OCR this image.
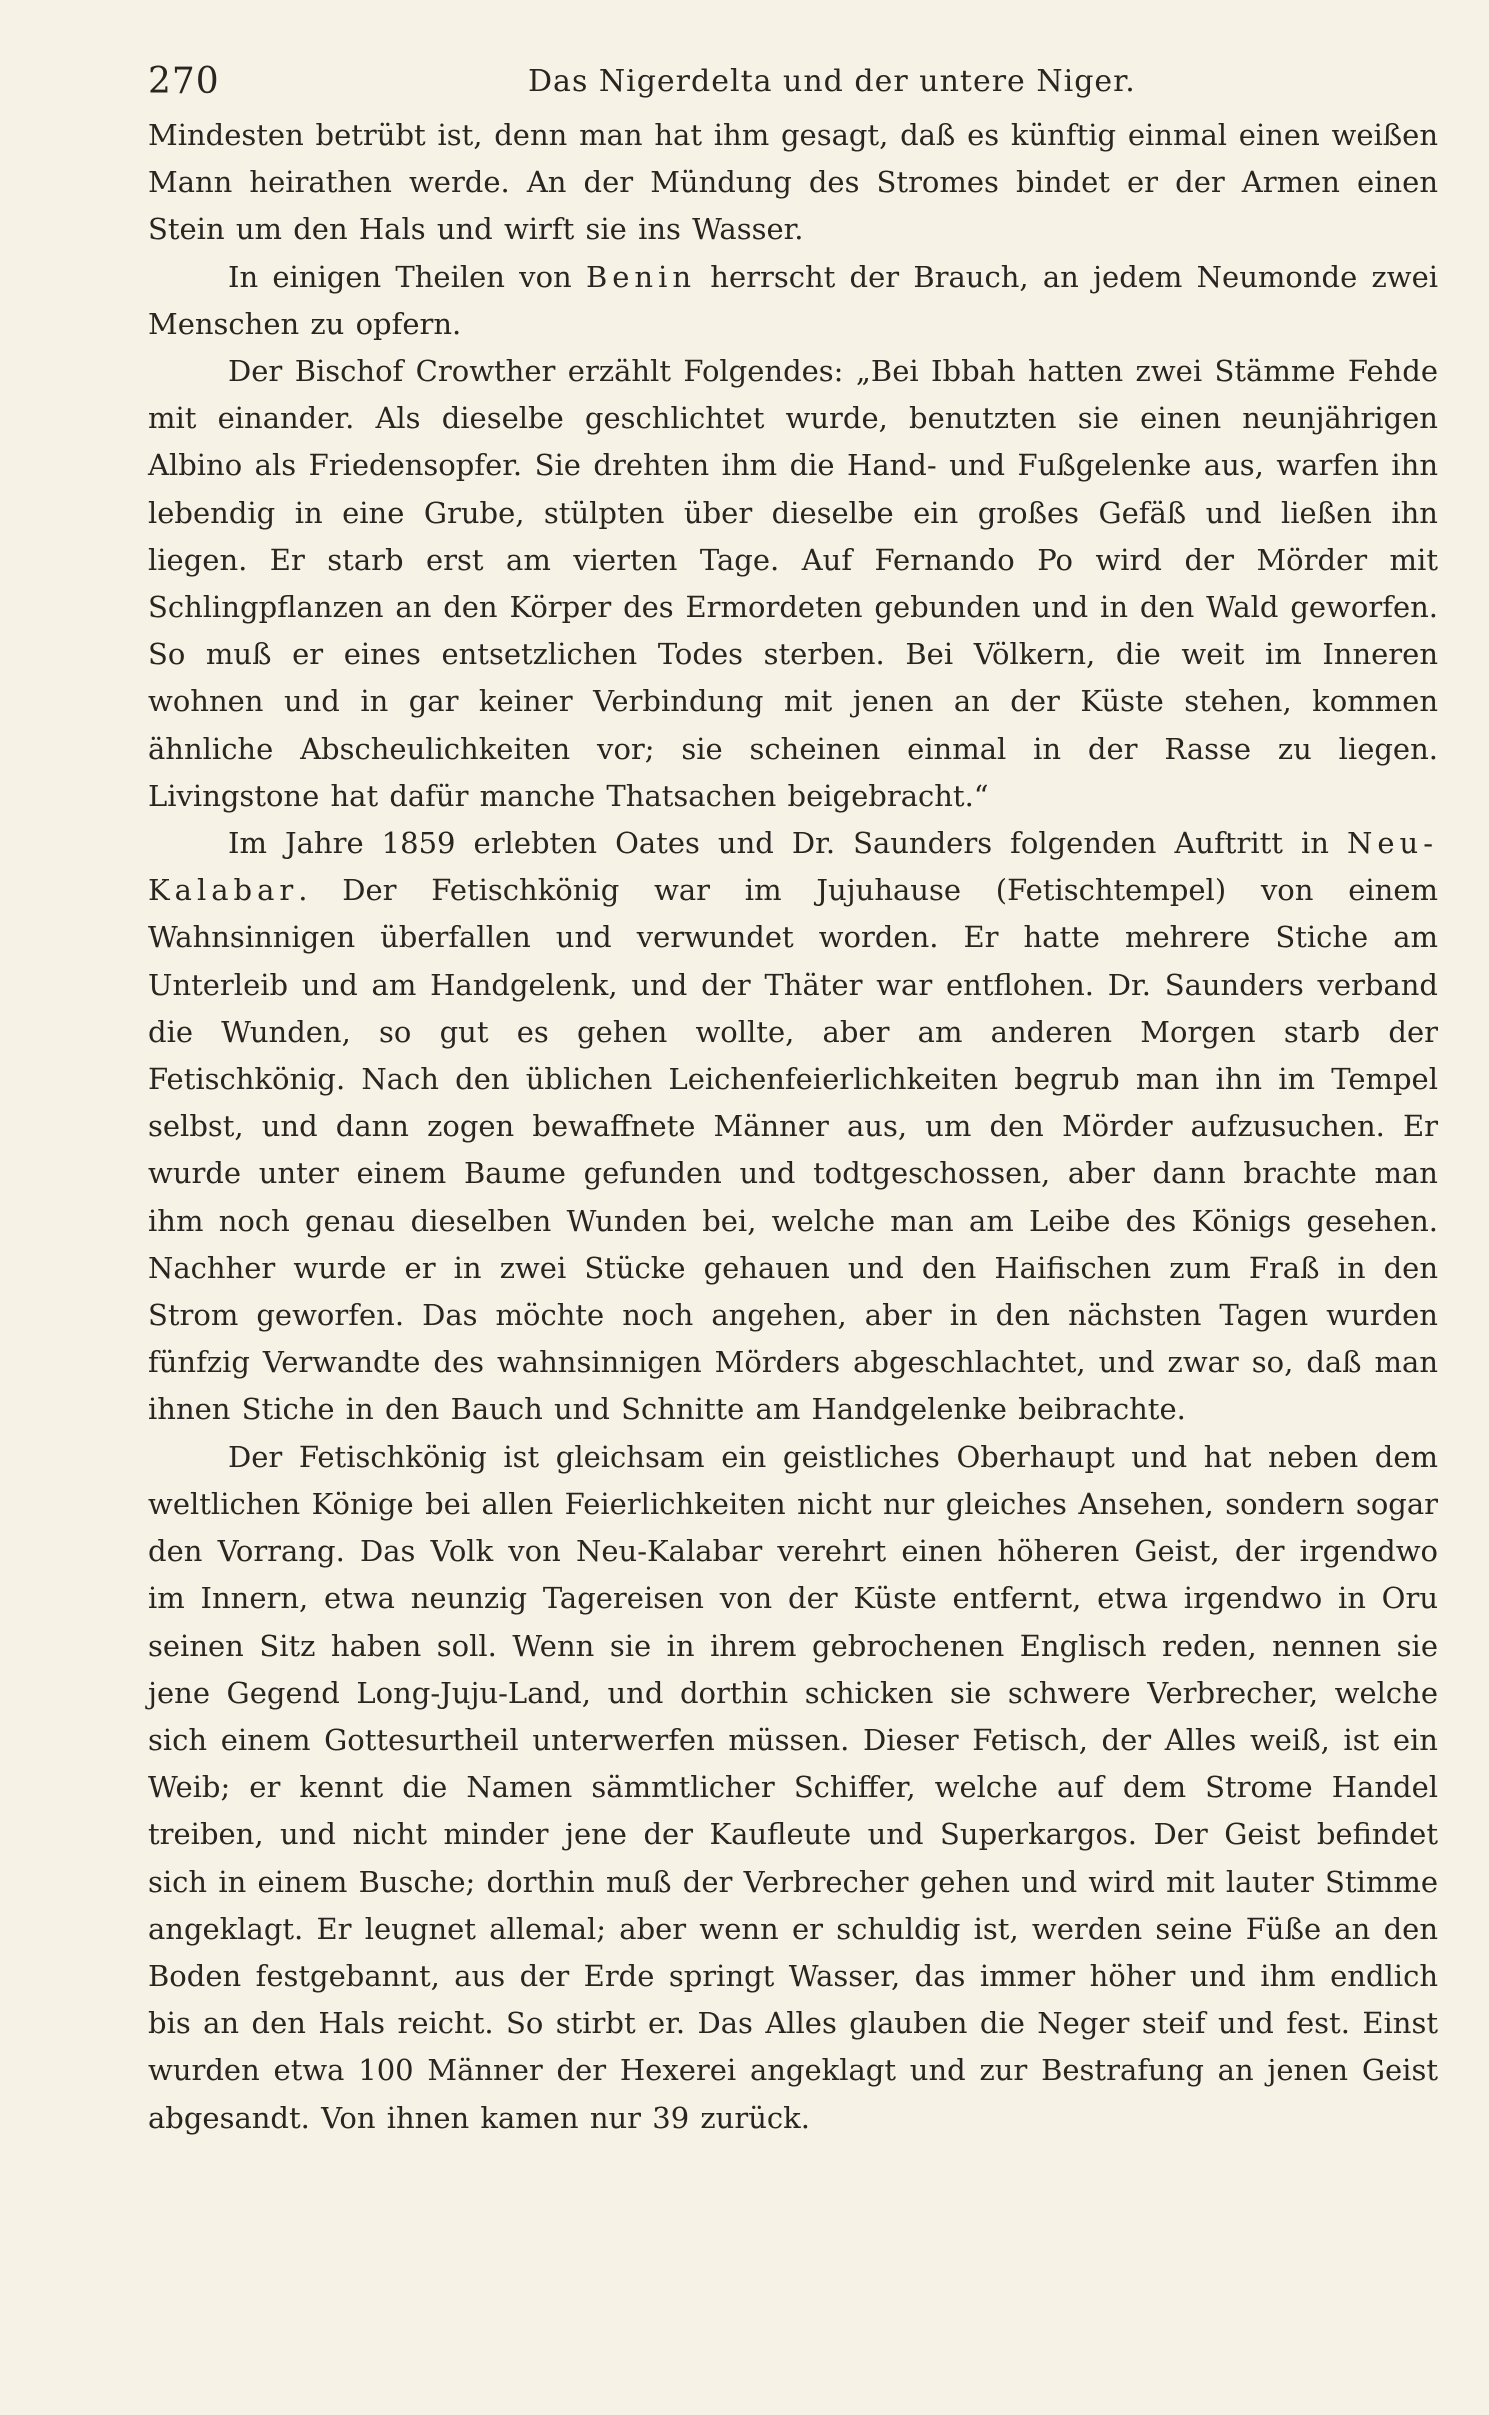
270	Das Nigerdelta und der untere Niger.

Mindesten betrübt ist, denn man hat ihm gesagt, daß es künftig einmal einen weißen Mann heirathen werde. An der Mündung des Stromes bindet er der Armen einen Stein um den Hals und wirft sie ins Wasser.

In einigen Theilen von Benin herrscht der Brauch, an jedem Neumonde zwei Menschen zu opfern.

Der Bischof Crowther erzählt Folgendes: „Bei Ibbah hatten zwei Stämme Fehde mit einander. Als dieselbe geschlichtet wurde, benutzten sie einen neunjährigen Albino als Friedensopfer. Sie drehten ihm die Hand- und Fußgelenke aus, warfen ihn lebendig in eine Grube, stülpten über dieselbe ein großes Gefäß und ließen ihn liegen. Er starb erst am vierten Tage. Auf Fernando Po wird der Mörder mit Schlingpflanzen an den Körper des Ermordeten gebunden und in den Wald geworfen. So muß er eines entsetzlichen Todes sterben. Bei Völkern, die weit im Inneren wohnen und in gar keiner Verbindung mit jenen an der Küste stehen, kommen ähnliche Abscheulichkeiten vor; sie scheinen einmal in der Rasse zu liegen. Livingstone hat dafür manche Thatsachen beigebracht.“

Im Jahre 1859 erlebten Oates und Dr. Saunders folgenden Auftritt in Neu-Kalabar. Der Fetischkönig war im Jujuhause (Fetischtempel) von einem Wahnsinnigen überfallen und verwundet worden. Er hatte mehrere Stiche am Unterleib und am Handgelenk, und der Thäter war entflohen. Dr. Saunders verband die Wunden, so gut es gehen wollte, aber am anderen Morgen starb der Fetischkönig. Nach den üblichen Leichenfeierlichkeiten begrub man ihn im Tempel selbst, und dann zogen bewaffnete Männer aus, um den Mörder aufzusuchen. Er wurde unter einem Baume gefunden und todtgeschossen, aber dann brachte man ihm noch genau dieselben Wunden bei, welche man am Leibe des Königs gesehen. Nachher wurde er in zwei Stücke gehauen und den Haifischen zum Fraß in den Strom geworfen. Das möchte noch angehen, aber in den nächsten Tagen wurden fünfzig Verwandte des wahnsinnigen Mörders abgeschlachtet, und zwar so, daß man ihnen Stiche in den Bauch und Schnitte am Handgelenke beibrachte.

Der Fetischkönig ist gleichsam ein geistliches Oberhaupt und hat neben dem weltlichen Könige bei allen Feierlichkeiten nicht nur gleiches Ansehen, sondern sogar den Vorrang. Das Volk von Neu-Kalabar verehrt einen höheren Geist, der irgendwo im Innern, etwa neunzig Tagereisen von der Küste entfernt, etwa irgendwo in Oru seinen Sitz haben soll. Wenn sie in ihrem gebrochenen Englisch reden, nennen sie jene Gegend Long-Juju-Land, und dorthin schicken sie schwere Verbrecher, welche sich einem Gottesurtheil unterwerfen müssen. Dieser Fetisch, der Alles weiß, ist ein Weib; er kennt die Namen sämmtlicher Schiffer, welche auf dem Strome Handel treiben, und nicht minder jene der Kaufleute und Superkargos. Der Geist befindet sich in einem Busche; dorthin muß der Verbrecher gehen und wird mit lauter Stimme angeklagt. Er leugnet allemal; aber wenn er schuldig ist, werden seine Füße an den Boden festgebannt, aus der Erde springt Wasser, das immer höher und ihm endlich bis an den Hals reicht. So stirbt er. Das Alles glauben die Neger steif und fest. Einst wurden etwa 100 Männer der Hexerei angeklagt und zur Bestrafung an jenen Geist abgesandt. Von ihnen kamen nur 39 zurück.
